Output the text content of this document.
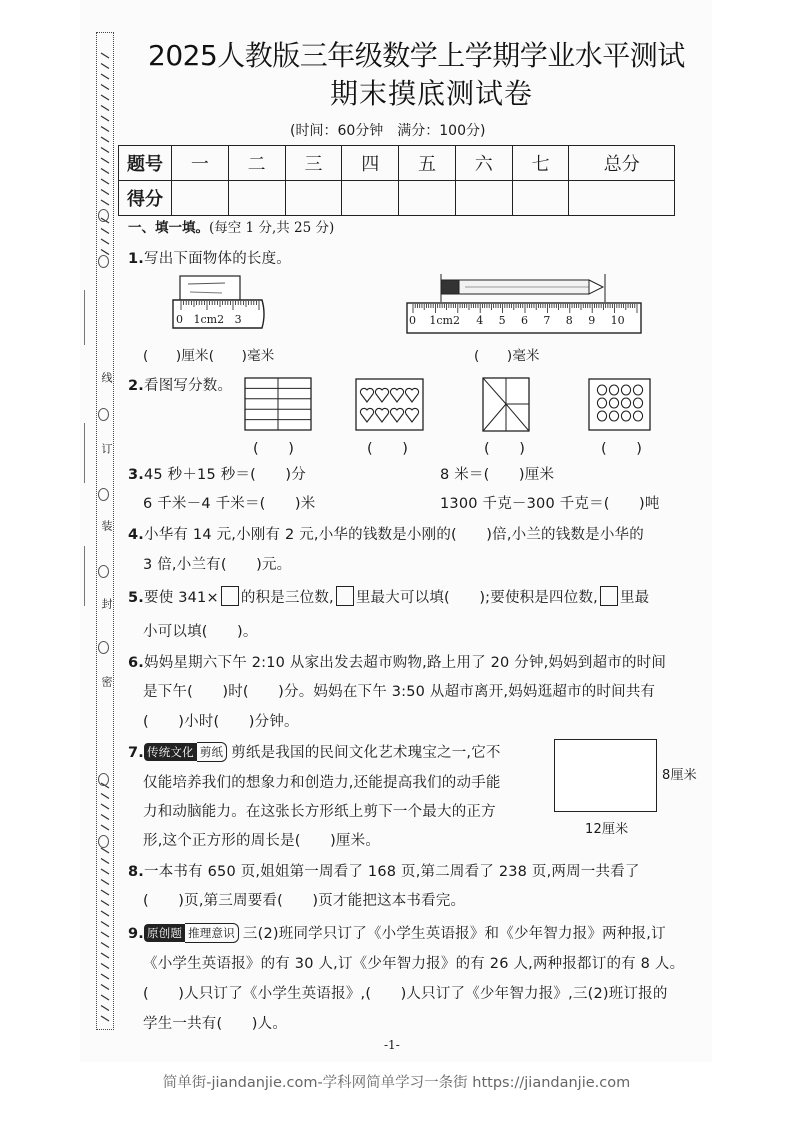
线
订
装
封
密
2025人教版三年级数学上学期学业水平测试
期末摸底测试卷
(时间：60分钟　满分：100分)
题号	一	二	三	四	五	六	七	总分
得分								
一、填一填。(每空 1 分,共 25 分)
1.写出下面物体的长度。
0 1cm2 3	0 1cm2 4 5 6 7 8 9 10
(　　)厘米(　　)毫米	(　　)毫米
2.看图写分数。
(　　)	(　　)	(　　)	(　　)
3.45 秒＋15 秒＝(　　)分	8 米＝(　　)厘米
6 千米－4 千米＝(　　)米	1300 千克－300 千克＝(　　)吨
4.小华有 14 元,小刚有 2 元,小华的钱数是小刚的(　　)倍,小兰的钱数是小华的
3 倍,小兰有(　　)元。
5.要使 341× 的积是三位数, 里最大可以填(　　);要使积是四位数, 里最
小可以填(　　)。
6.妈妈星期六下午 2:10 从家出发去超市购物,路上用了 20 分钟,妈妈到超市的时间
是下午(　　)时(　　)分。妈妈在下午 3:50 从超市离开,妈妈逛超市的时间共有
(　　)小时(　　)分钟。
7. 传统文化 剪纸 剪纸是我国的民间文化艺术瑰宝之一,它不
仅能培养我们的想象力和创造力,还能提高我们的动手能
力和动脑能力。在这张长方形纸上剪下一个最大的正方
形,这个正方形的周长是(　　)厘米。
8厘米
12厘米
8.一本书有 650 页,姐姐第一周看了 168 页,第二周看了 238 页,两周一共看了
(　　)页,第三周要看(　　)页才能把这本书看完。
9. 原创题 推理意识 三(2)班同学只订了《小学生英语报》和《少年智力报》两种报,订
《小学生英语报》的有 30 人,订《少年智力报》的有 26 人,两种报都订的有 8 人。
(　　)人只订了《小学生英语报》,(　　)人只订了《少年智力报》,三(2)班订报的
学生一共有(　　)人。
-1-
简单街-jiandanjie.com-学科网简单学习一条街 https://jiandanjie.com
